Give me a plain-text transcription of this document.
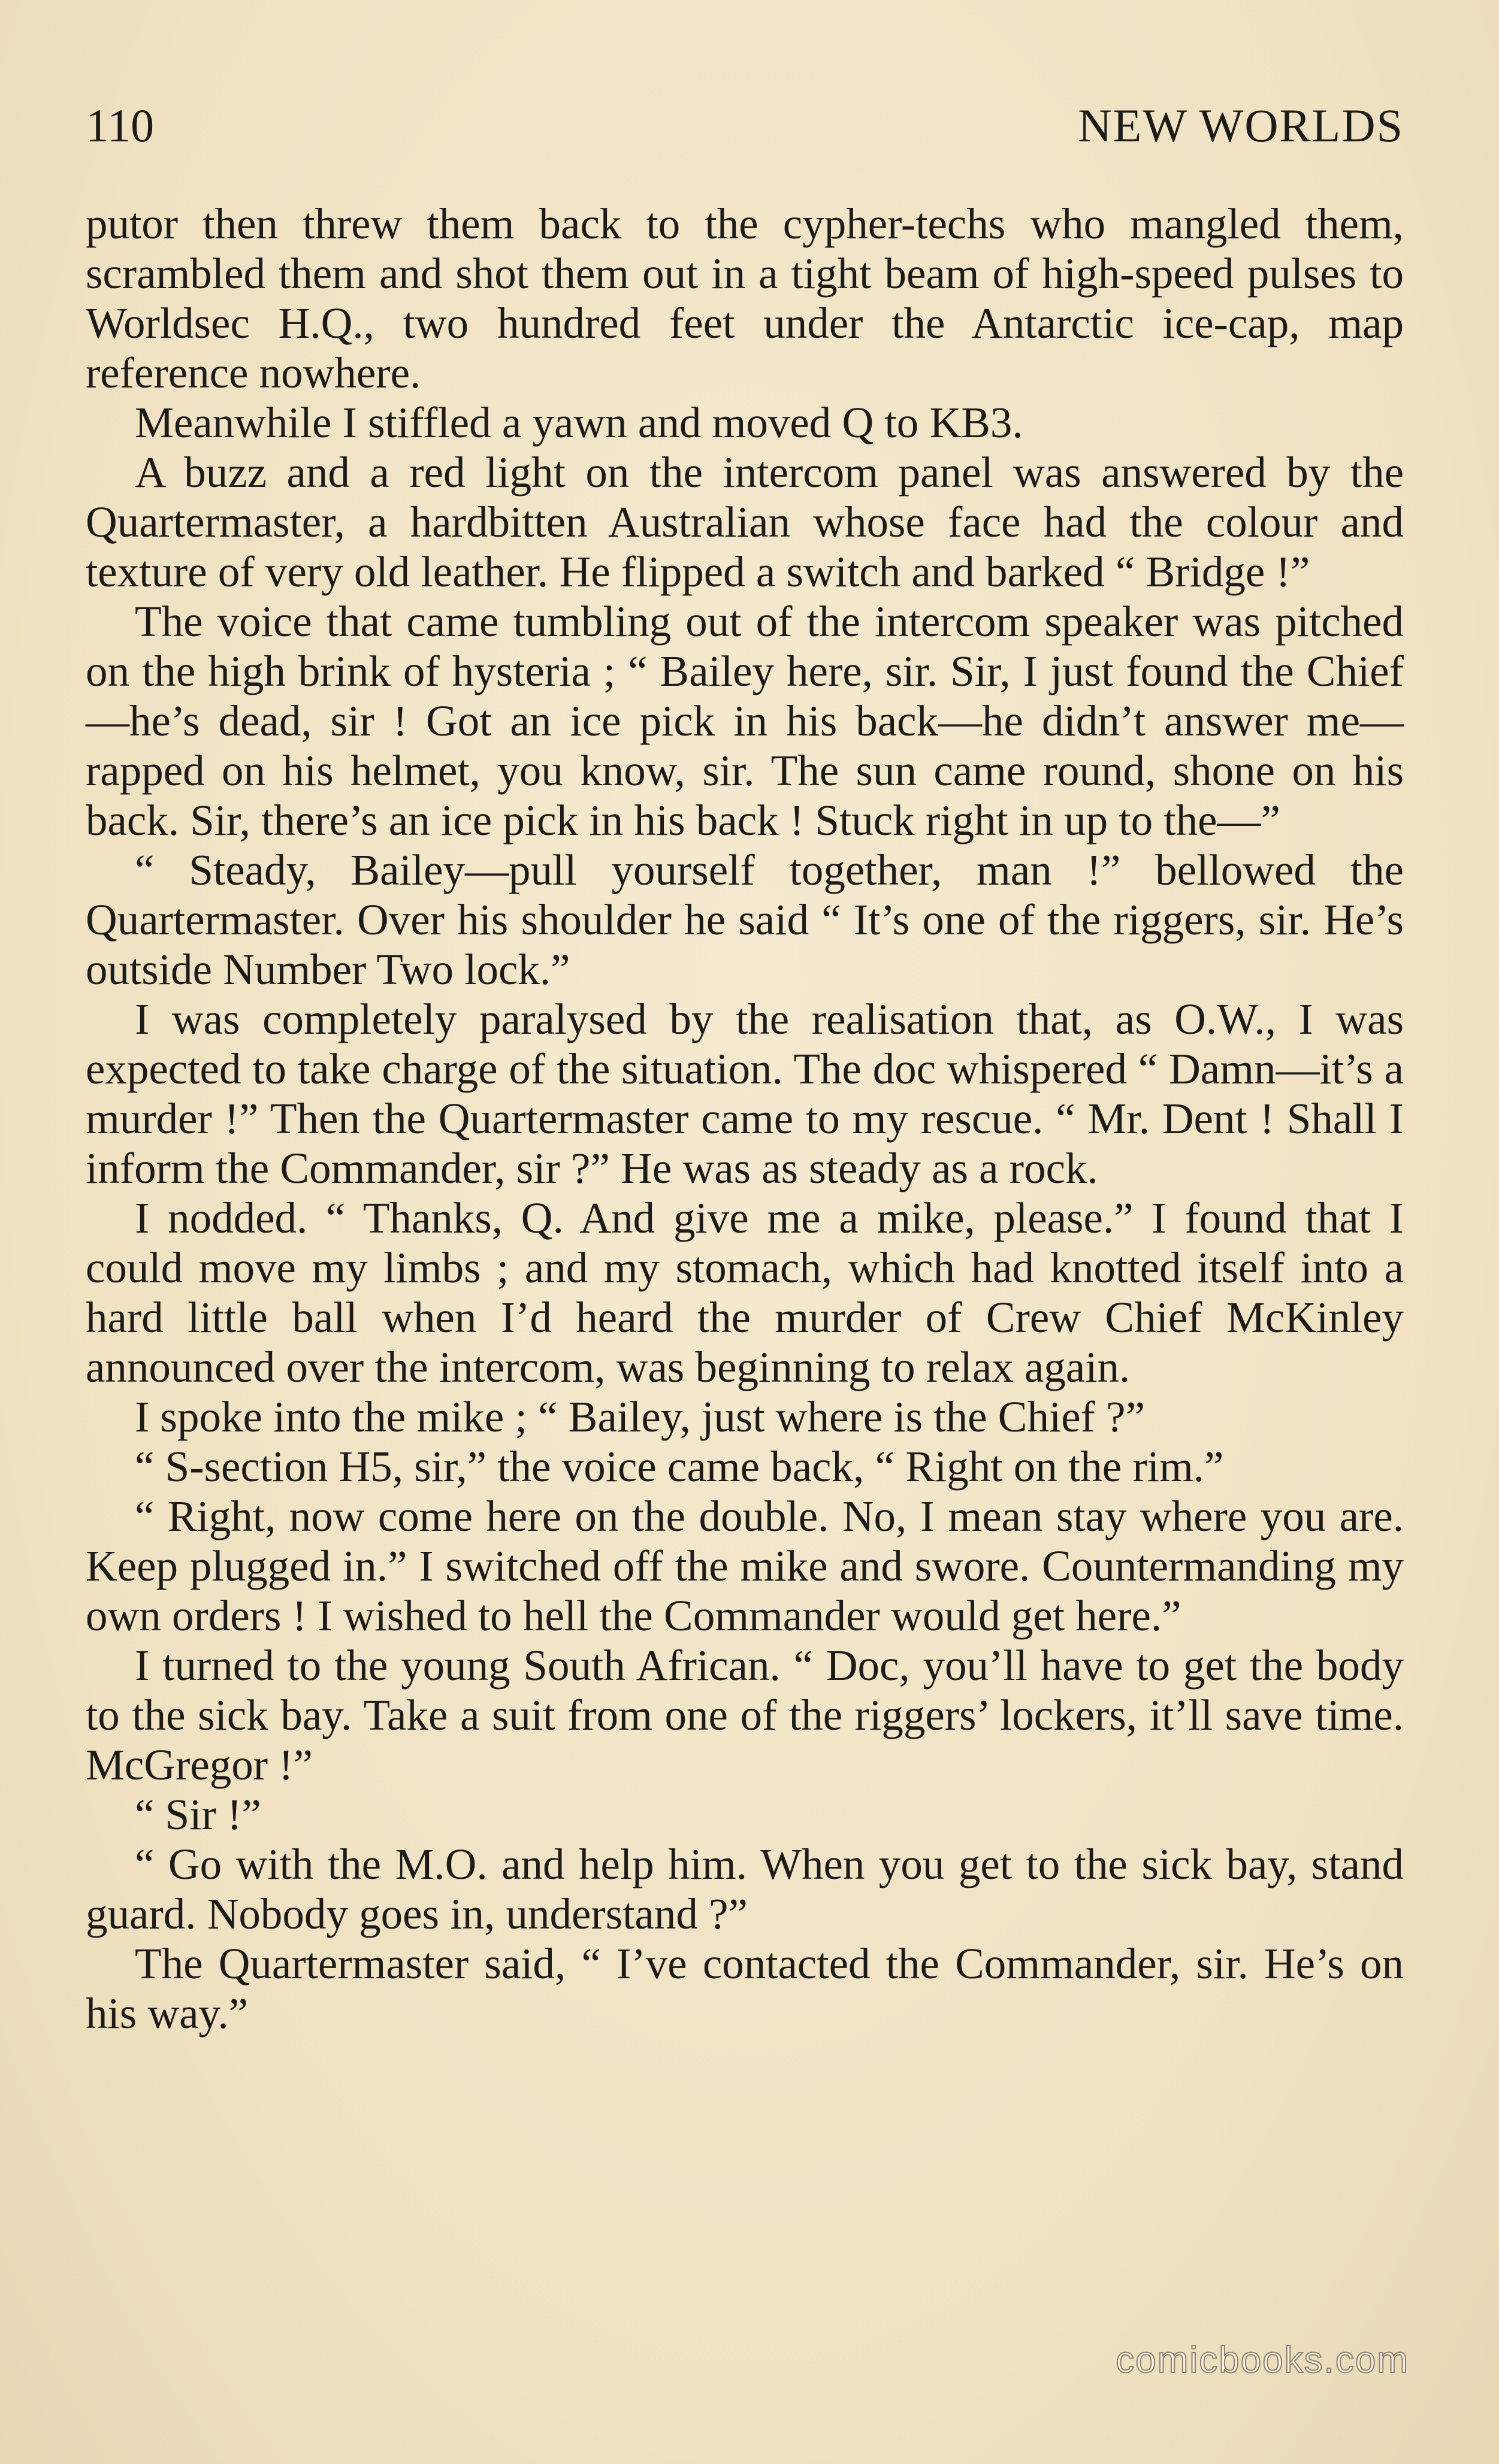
110	NEW WORLDS

putor then threw them back to the cypher-techs who mangled them, scrambled them and shot them out in a tight beam of high-speed pulses to Worldsec H.Q., two hundred feet under the Antarctic ice-cap, map reference nowhere.

Meanwhile I stiffled a yawn and moved Q to KB3.

A buzz and a red light on the intercom panel was answered by the Quartermaster, a hardbitten Australian whose face had the colour and texture of very old leather. He flipped a switch and barked “ Bridge !”

The voice that came tumbling out of the intercom speaker was pitched on the high brink of hysteria ; “ Bailey here, sir. Sir, I just found the Chief—he’s dead, sir ! Got an ice pick in his back—he didn’t answer me—rapped on his helmet, you know, sir. The sun came round, shone on his back. Sir, there’s an ice pick in his back ! Stuck right in up to the—”

“ Steady, Bailey—pull yourself together, man !” bellowed the Quartermaster. Over his shoulder he said “ It’s one of the riggers, sir. He’s outside Number Two lock.”

I was completely paralysed by the realisation that, as O.W., I was expected to take charge of the situation. The doc whispered “ Damn—it’s a murder !” Then the Quartermaster came to my rescue. “ Mr. Dent ! Shall I inform the Commander, sir ?” He was as steady as a rock.

I nodded. “ Thanks, Q. And give me a mike, please.” I found that I could move my limbs ; and my stomach, which had knotted itself into a hard little ball when I’d heard the murder of Crew Chief McKinley announced over the intercom, was beginning to relax again.

I spoke into the mike ; “ Bailey, just where is the Chief ?”

“ S-section H5, sir,” the voice came back, “ Right on the rim.”

“ Right, now come here on the double. No, I mean stay where you are. Keep plugged in.” I switched off the mike and swore. Countermanding my own orders ! I wished to hell the Commander would get here.”

I turned to the young South African. “ Doc, you’ll have to get the body to the sick bay. Take a suit from one of the riggers’ lockers, it’ll save time. McGregor !”

“ Sir !”

“ Go with the M.O. and help him. When you get to the sick bay, stand guard. Nobody goes in, understand ?”

The Quartermaster said, “ I’ve contacted the Commander, sir. He’s on his way.”

comicbooks.com
